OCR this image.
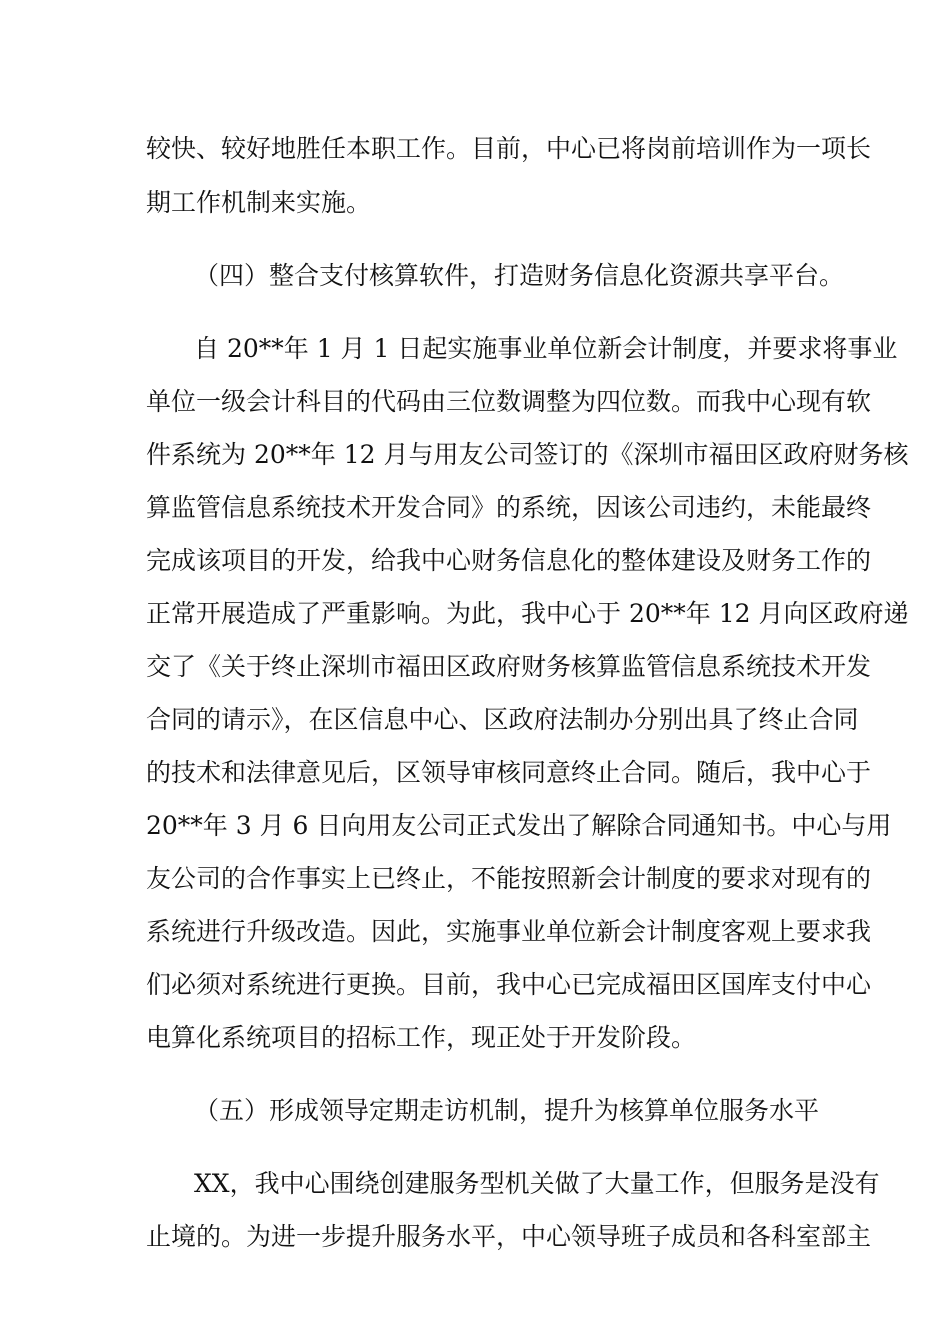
较快、较好地胜任本职工作。目前，中心已将岗前培训作为一项长
期工作机制来实施。
（四）整合支付核算软件，打造财务信息化资源共享平台。
自 20**年 1 月 1 日起实施事业单位新会计制度，并要求将事业
单位一级会计科目的代码由三位数调整为四位数。而我中心现有软
件系统为 20**年 12 月与用友公司签订的《深圳市福田区政府财务核
算监管信息系统技术开发合同》的系统，因该公司违约，未能最终
完成该项目的开发，给我中心财务信息化的整体建设及财务工作的
正常开展造成了严重影响。为此，我中心于 20**年 12 月向区政府递
交了《关于终止深圳市福田区政府财务核算监管信息系统技术开发
合同的请示》，在区信息中心、区政府法制办分别出具了终止合同
的技术和法律意见后，区领导审核同意终止合同。随后，我中心于
20**年 3 月 6 日向用友公司正式发出了解除合同通知书。中心与用
友公司的合作事实上已终止，不能按照新会计制度的要求对现有的
系统进行升级改造。因此，实施事业单位新会计制度客观上要求我
们必须对系统进行更换。目前，我中心已完成福田区国库支付中心
电算化系统项目的招标工作，现正处于开发阶段。
（五）形成领导定期走访机制，提升为核算单位服务水平
XX，我中心围绕创建服务型机关做了大量工作，但服务是没有
止境的。为进一步提升服务水平，中心领导班子成员和各科室部主
